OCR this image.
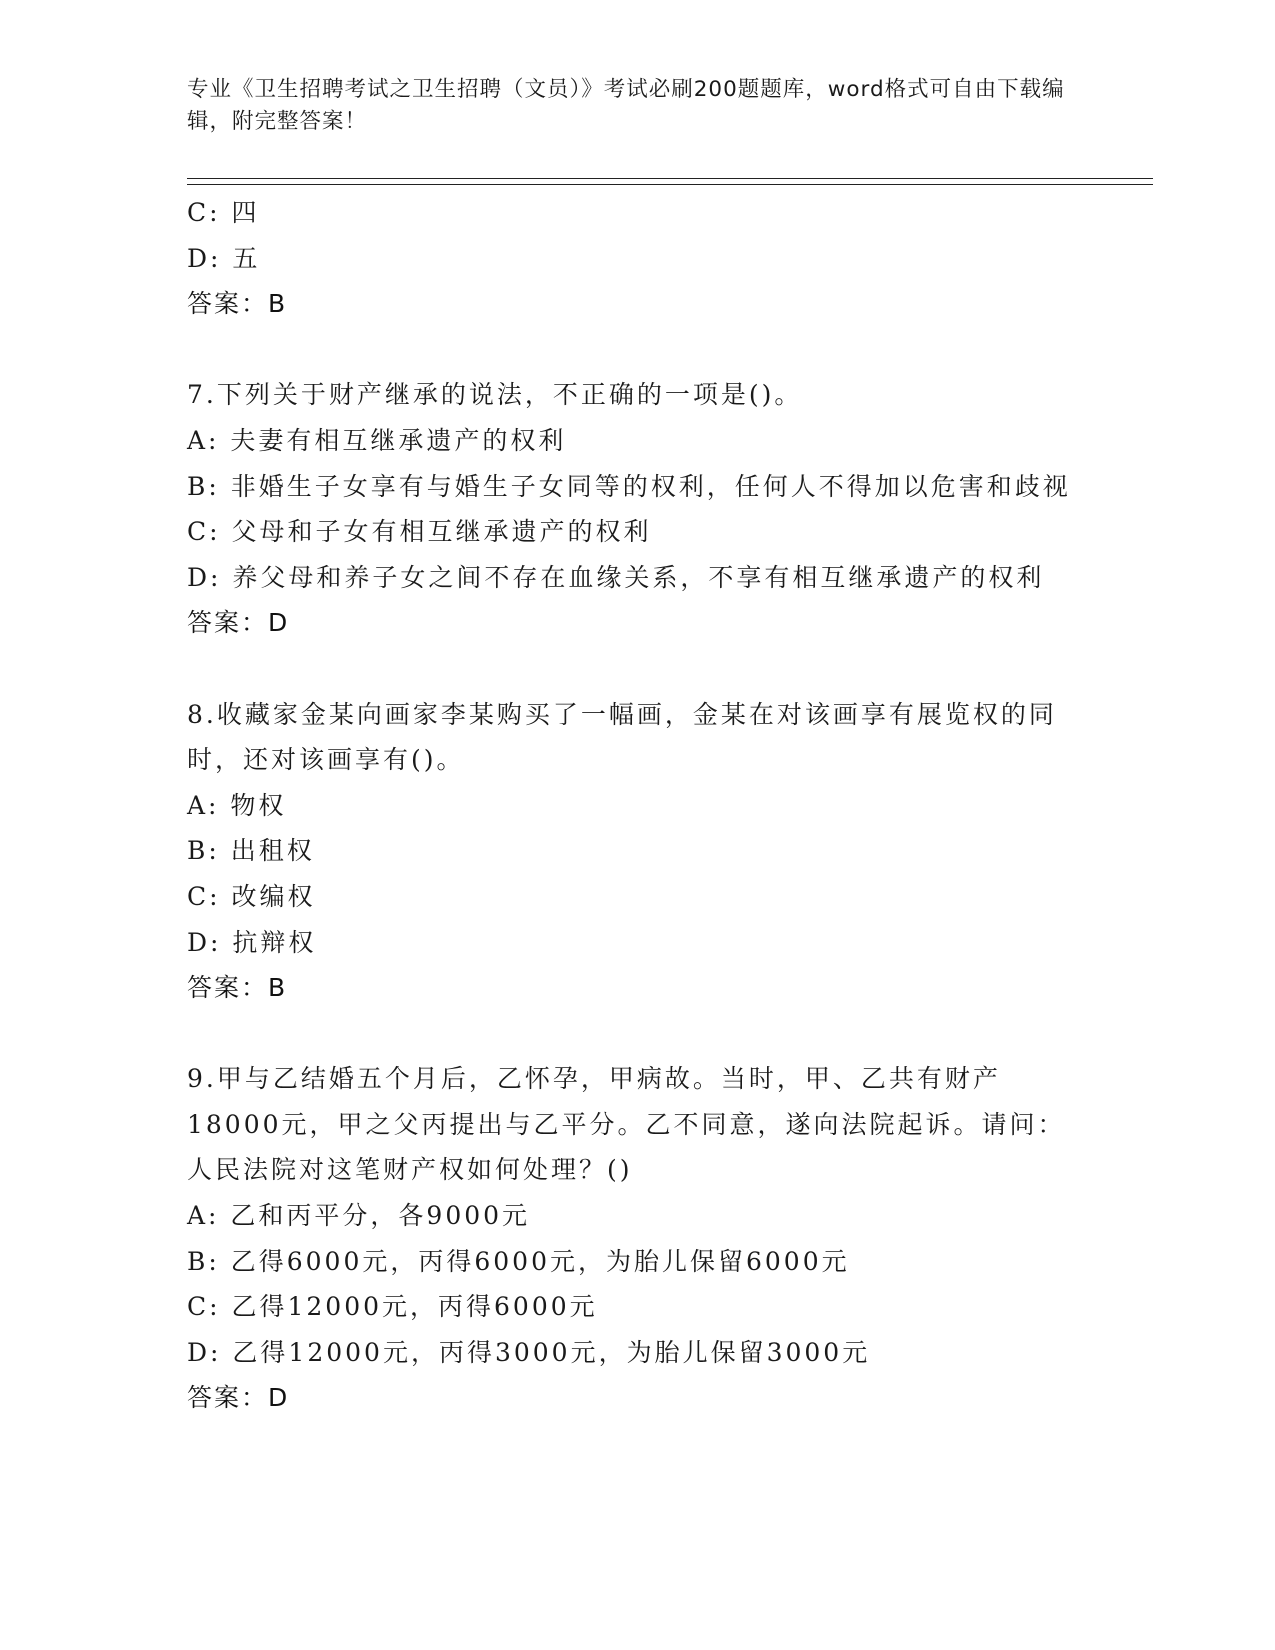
专业《卫生招聘考试之卫生招聘（文员）》考试必刷200题题库，word格式可自由下载编辑，附完整答案！
C: 四
D: 五
答案：B
7.下列关于财产继承的说法，不正确的一项是()。
A: 夫妻有相互继承遗产的权利
B: 非婚生子女享有与婚生子女同等的权利，任何人不得加以危害和歧视
C: 父母和子女有相互继承遗产的权利
D: 养父母和养子女之间不存在血缘关系，不享有相互继承遗产的权利
答案：D
8.收藏家金某向画家李某购买了一幅画，金某在对该画享有展览权的同时，还对该画享有()。
A: 物权
B: 出租权
C: 改编权
D: 抗辩权
答案：B
9.甲与乙结婚五个月后，乙怀孕，甲病故。当时，甲、乙共有财产18000元，甲之父丙提出与乙平分。乙不同意，遂向法院起诉。请问：人民法院对这笔财产权如何处理？()
A: 乙和丙平分，各9000元
B: 乙得6000元，丙得6000元，为胎儿保留6000元
C: 乙得12000元，丙得6000元
D: 乙得12000元，丙得3000元，为胎儿保留3000元
答案：D
